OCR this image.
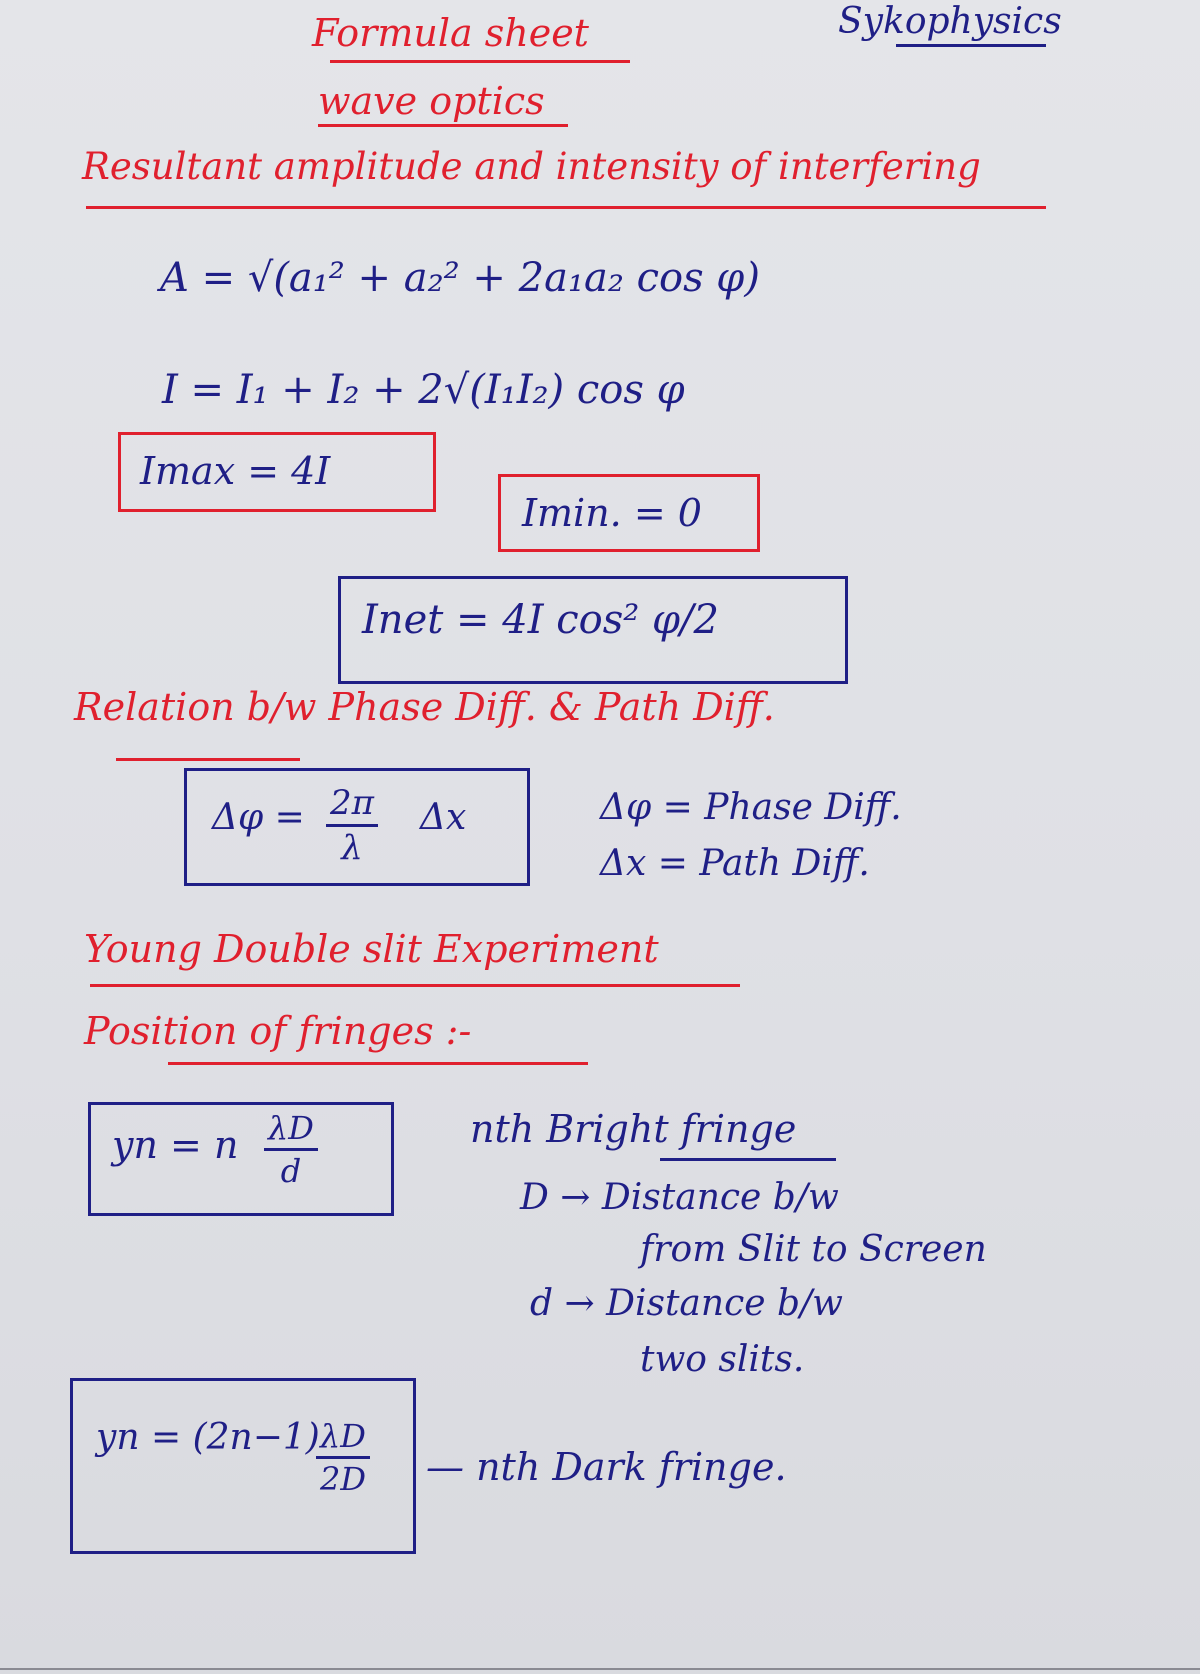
Formula sheet	Sykophysics
wave optics
Resultant amplitude and intensity of interfering
A = √(a₁² + a₂² + 2a₁a₂ cos φ)
I = I₁ + I₂ + 2√(I₁I₂) cos φ
Imax = 4I
Imin. = 0
Inet = 4I cos² φ/2
Relation b/w Phase Diff. & Path Diff.
$\Delta\varphi = \frac{2\pi}{\lambda}$ Δx	Δφ = Phase Diff.
Δx = Path Diff.
Young Double slit Experiment
Position of fringes :-
yn = n $\frac{\lambda D}{d}$	nth Bright fringe
D → Distance b/w
from Slit to Screen
d → Distance b/w
two slits.
yn = (2n−1)
$\frac{\lambda D}{2D}$ — nth Dark fringe.
